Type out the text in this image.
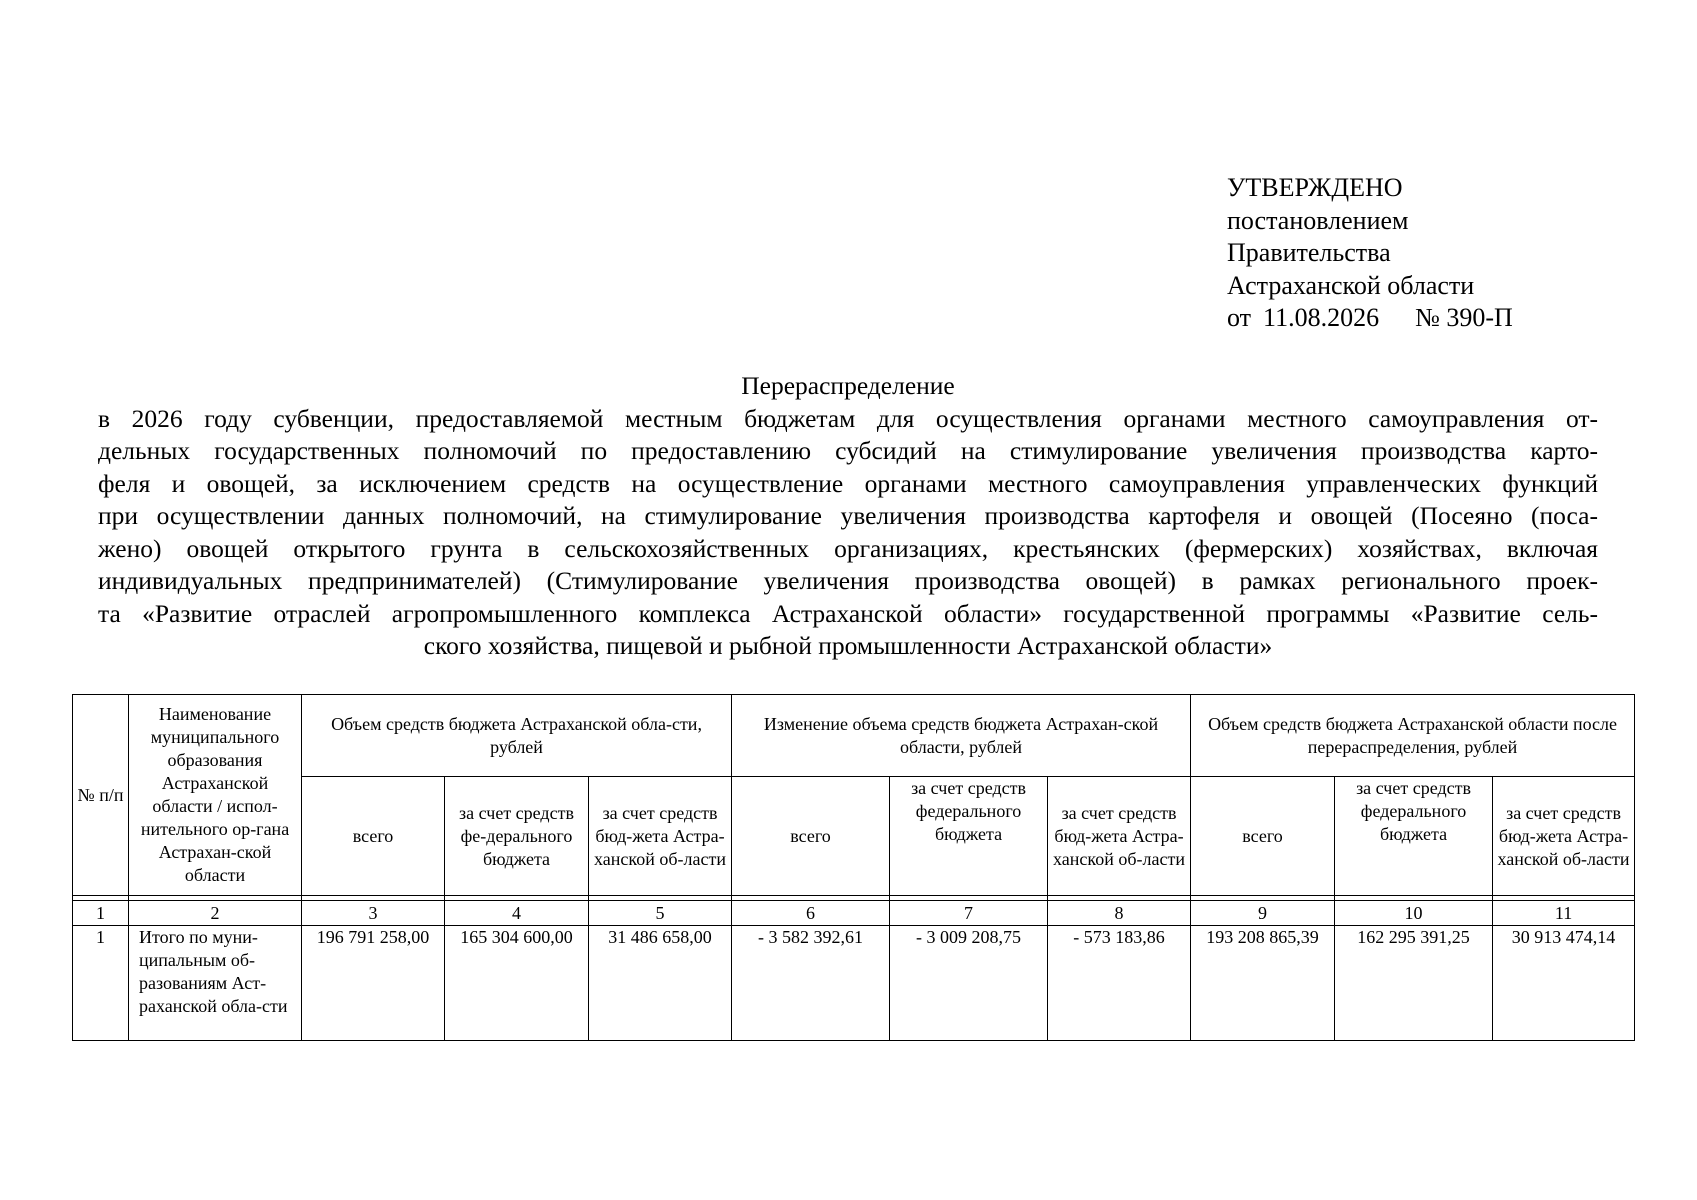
УТВЕРЖДЕНО
постановлением
Правительства
Астраханской области
от 11.08.2026 № 390-П
Перераспределение
в 2026 году субвенции, предоставляемой местным бюджетам для осуществления органами местного самоуправления от-
дельных государственных полномочий по предоставлению субсидий на стимулирование увеличения производства карто-
феля и овощей, за исключением средств на осуществление органами местного самоуправления управленческих функций
при осуществлении данных полномочий, на стимулирование увеличения производства картофеля и овощей (Посеяно (поса-
жено) овощей открытого грунта в сельскохозяйственных организациях, крестьянских (фермерских) хозяйствах, включая
индивидуальных предпринимателей) (Стимулирование увеличения производства овощей) в рамках регионального проек-
та «Развитие отраслей агропромышленного комплекса Астраханской области» государственной программы «Развитие сель-
ского хозяйства, пищевой и рыбной промышленности Астраханской области»
№ п/п	Наименование муниципального образования Астраханской области / испол-нительного ор-гана Астрахан-ской области	Объем средств бюджета Астраханской обла-сти, рублей			Изменение объема средств бюджета Астрахан-ской области, рублей			Объем средств бюджета Астраханской области после перераспределения, рублей		
		всего	за счет средств фе-дерального бюджета	за счет средств бюд-жета Астра-ханской об-ласти	всего	за счет средств федерального бюджета	за счет средств бюд-жета Астра-ханской об-ласти	всего	за счет средств федерального бюджета	за счет средств бюд-жета Астра-ханской об-ласти

1	2	3	4	5	6	7	8	9	10	11
1	Итого по муни-ципальным об-разованиям Аст-раханской обла-сти	196 791 258,00	165 304 600,00	31 486 658,00	- 3 582 392,61	- 3 009 208,75	- 573 183,86	193 208 865,39	162 295 391,25	30 913 474,14
